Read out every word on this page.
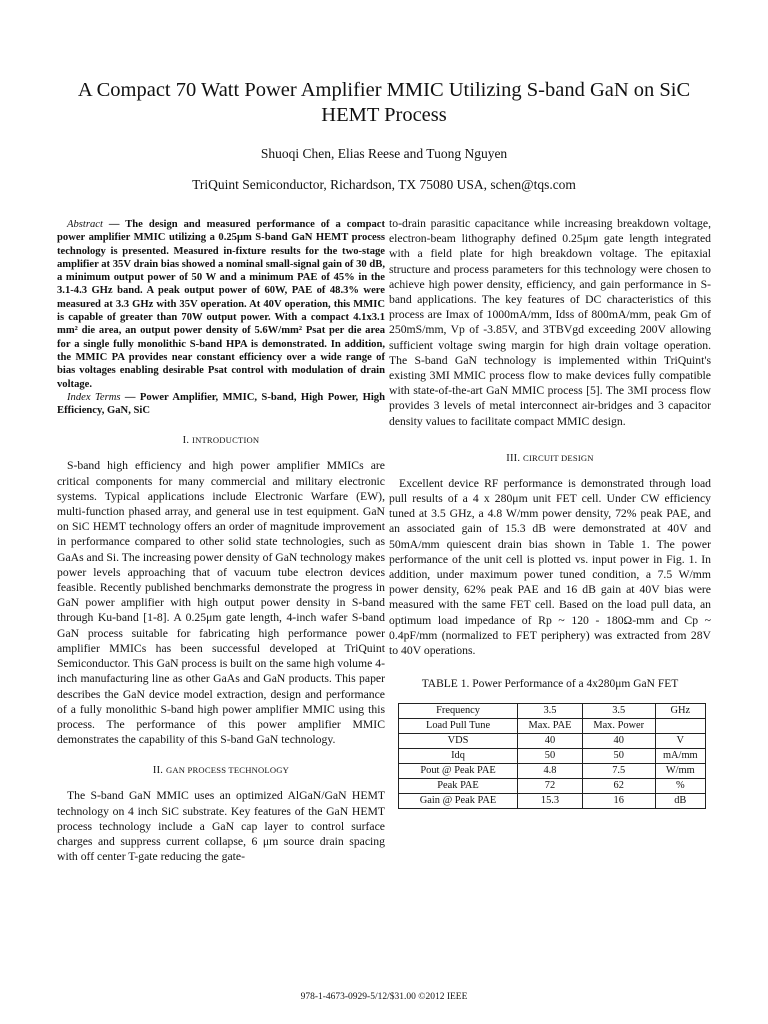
A Compact 70 Watt Power Amplifier MMIC Utilizing S-band GaN on SiC HEMT Process
Shuoqi Chen, Elias Reese and Tuong Nguyen
TriQuint Semiconductor, Richardson, TX 75080 USA, schen@tqs.com

Abstract — The design and measured performance of a compact power amplifier MMIC utilizing a 0.25μm S-band GaN HEMT process technology is presented. Measured in-fixture results for the two-stage amplifier at 35V drain bias showed a nominal small-signal gain of 30 dB, a minimum output power of 50 W and a minimum PAE of 45% in the 3.1-4.3 GHz band. A peak output power of 60W, PAE of 48.3% were measured at 3.3 GHz with 35V operation. At 40V operation, this MMIC is capable of greater than 70W output power. With a compact 4.1x3.1 mm² die area, an output power density of 5.6W/mm² Psat per die area for a single fully monolithic S-band HPA is demonstrated. In addition, the MMIC PA provides near constant efficiency over a wide range of bias voltages enabling desirable Psat control with modulation of drain voltage.

Index Terms — Power Amplifier, MMIC, S-band, High Power, High Efficiency, GaN, SiC

I. INTRODUCTION

S-band high efficiency and high power amplifier MMICs are critical components for many commercial and military electronic systems. Typical applications include Electronic Warfare (EW), multi-function phased array, and general use in test equipment. GaN on SiC HEMT technology offers an order of magnitude improvement in performance compared to other solid state technologies, such as GaAs and Si. The increasing power density of GaN technology makes power levels approaching that of vacuum tube electron devices feasible. Recently published benchmarks demonstrate the progress in GaN power amplifier with high output power density in S-band through Ku-band [1-8]. A 0.25μm gate length, 4-inch wafer S-band GaN process suitable for fabricating high performance power amplifier MMICs has been successful developed at TriQuint Semiconductor. This GaN process is built on the same high volume 4-inch manufacturing line as other GaAs and GaN products. This paper describes the GaN device model extraction, design and performance of a fully monolithic S-band high power amplifier MMIC using this process. The performance of this power amplifier MMIC demonstrates the capability of this S-band GaN technology.

II. GAN PROCESS TECHNOLOGY

The S-band GaN MMIC uses an optimized AlGaN/GaN HEMT technology on 4 inch SiC substrate. Key features of the GaN HEMT process technology include a GaN cap layer to control surface charges and suppress current collapse, 6 μm source drain spacing with off center T-gate reducing the gate-

to-drain parasitic capacitance while increasing breakdown voltage, electron-beam lithography defined 0.25μm gate length integrated with a field plate for high breakdown voltage. The epitaxial structure and process parameters for this technology were chosen to achieve high power density, efficiency, and gain performance in S-band applications. The key features of DC characteristics of this process are Imax of 1000mA/mm, Idss of 800mA/mm, peak Gm of 250mS/mm, Vp of -3.85V, and 3TBVgd exceeding 200V allowing sufficient voltage swing margin for high drain voltage operation. The S-band GaN technology is implemented within TriQuint's existing 3MI MMIC process flow to make devices fully compatible with state-of-the-art GaN MMIC process [5]. The 3MI process flow provides 3 levels of metal interconnect air-bridges and 3 capacitor density values to facilitate compact MMIC design.

III. CIRCUIT DESIGN

Excellent device RF performance is demonstrated through load pull results of a 4 x 280μm unit FET cell. Under CW efficiency tuned at 3.5 GHz, a 4.8 W/mm power density, 72% peak PAE, and an associated gain of 15.3 dB were demonstrated at 40V and 50mA/mm quiescent drain bias shown in Table 1. The power performance of the unit cell is plotted vs. input power in Fig. 1. In addition, under maximum power tuned condition, a 7.5 W/mm power density, 62% peak PAE and 16 dB gain at 40V bias were measured with the same FET cell. Based on the load pull data, an optimum load impedance of Rp ~ 120 - 180Ω-mm and Cp ~ 0.4pF/mm (normalized to FET periphery) was extracted from 28V to 40V operations.

TABLE 1. Power Performance of a 4x280μm GaN FET
Frequency	3.5	3.5	GHz
Load Pull Tune	Max. PAE	Max. Power	
VDS	40	40	V
Idq	50	50	mA/mm
Pout @ Peak PAE	4.8	7.5	W/mm
Peak PAE	72	62	%
Gain @ Peak PAE	15.3	16	dB
978-1-4673-0929-5/12/$31.00 ©2012 IEEE
